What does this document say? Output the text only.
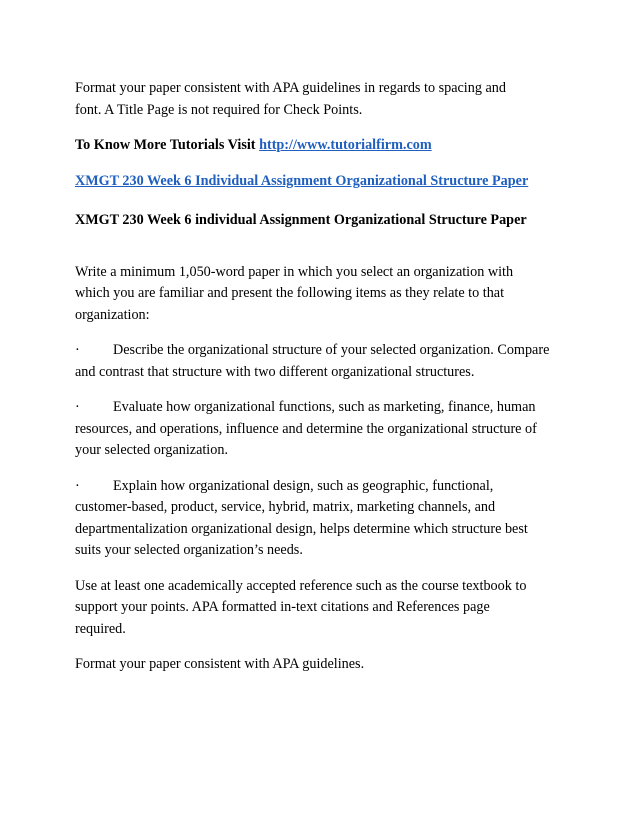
Format your paper consistent with APA guidelines in regards to spacing and
font. A Title Page is not required for Check Points.

To Know More Tutorials Visit http://www.tutorialfirm.com

XMGT 230 Week 6 Individual Assignment Organizational Structure Paper

XMGT 230 Week 6 individual Assignment Organizational Structure Paper

Write a minimum 1,050-word paper in which you select an organization with
which you are familiar and present the following items as they relate to that
organization:

· Describe the organizational structure of your selected organization. Compare
and contrast that structure with two different organizational structures.

· Evaluate how organizational functions, such as marketing, finance, human
resources, and operations, influence and determine the organizational structure of
your selected organization.

· Explain how organizational design, such as geographic, functional,
customer-based, product, service, hybrid, matrix, marketing channels, and
departmentalization organizational design, helps determine which structure best
suits your selected organization’s needs.

Use at least one academically accepted reference such as the course textbook to
support your points. APA formatted in-text citations and References page
required.

Format your paper consistent with APA guidelines.
